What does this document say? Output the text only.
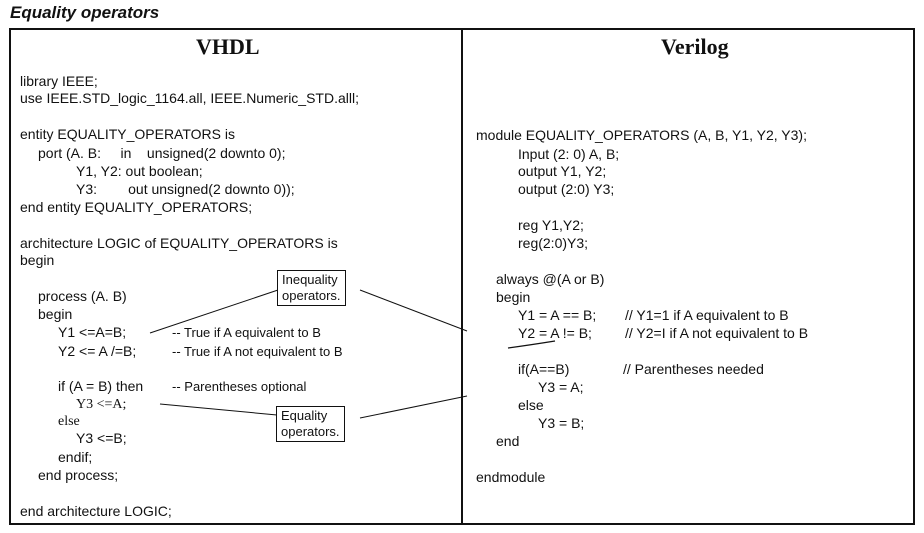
Equality operators
VHDL	Verilog
library IEEE;
use IEEE.STD_logic_1164.all, IEEE.Numeric_STD.alll;
entity EQUALITY_OPERATORS is
port (A. B:     in    unsigned(2 downto 0);
Y1, Y2: out boolean;
Y3:        out unsigned(2 downto 0));
end entity EQUALITY_OPERATORS;
architecture LOGIC of EQUALITY_OPERATORS is
begin
process (A. B)
begin
Y1 <=A=B;	-- True if A equivalent to B
Y2 <= A /=B;	-- True if A not equivalent to B
if (A = B) then -- Parentheses optional
Y3 <=A;
else
Y3 <=B;
endif;
end process;
end architecture LOGIC;
module EQUALITY_OPERATORS (A, B, Y1, Y2, Y3);
Input (2: 0) A, B;
output Y1, Y2;
output (2:0) Y3;
reg Y1,Y2;
reg(2:0)Y3;
always @(A or B)
begin
Y1 = A == B; // Y1=1 if A equivalent to B
Y2 = A != B; // Y2=I if A not equivalent to B
if(A==B)	// Parentheses needed
Y3 = A;
else
Y3 = B;
end
endmodule
Inequality
operators.
Equality
operators.
